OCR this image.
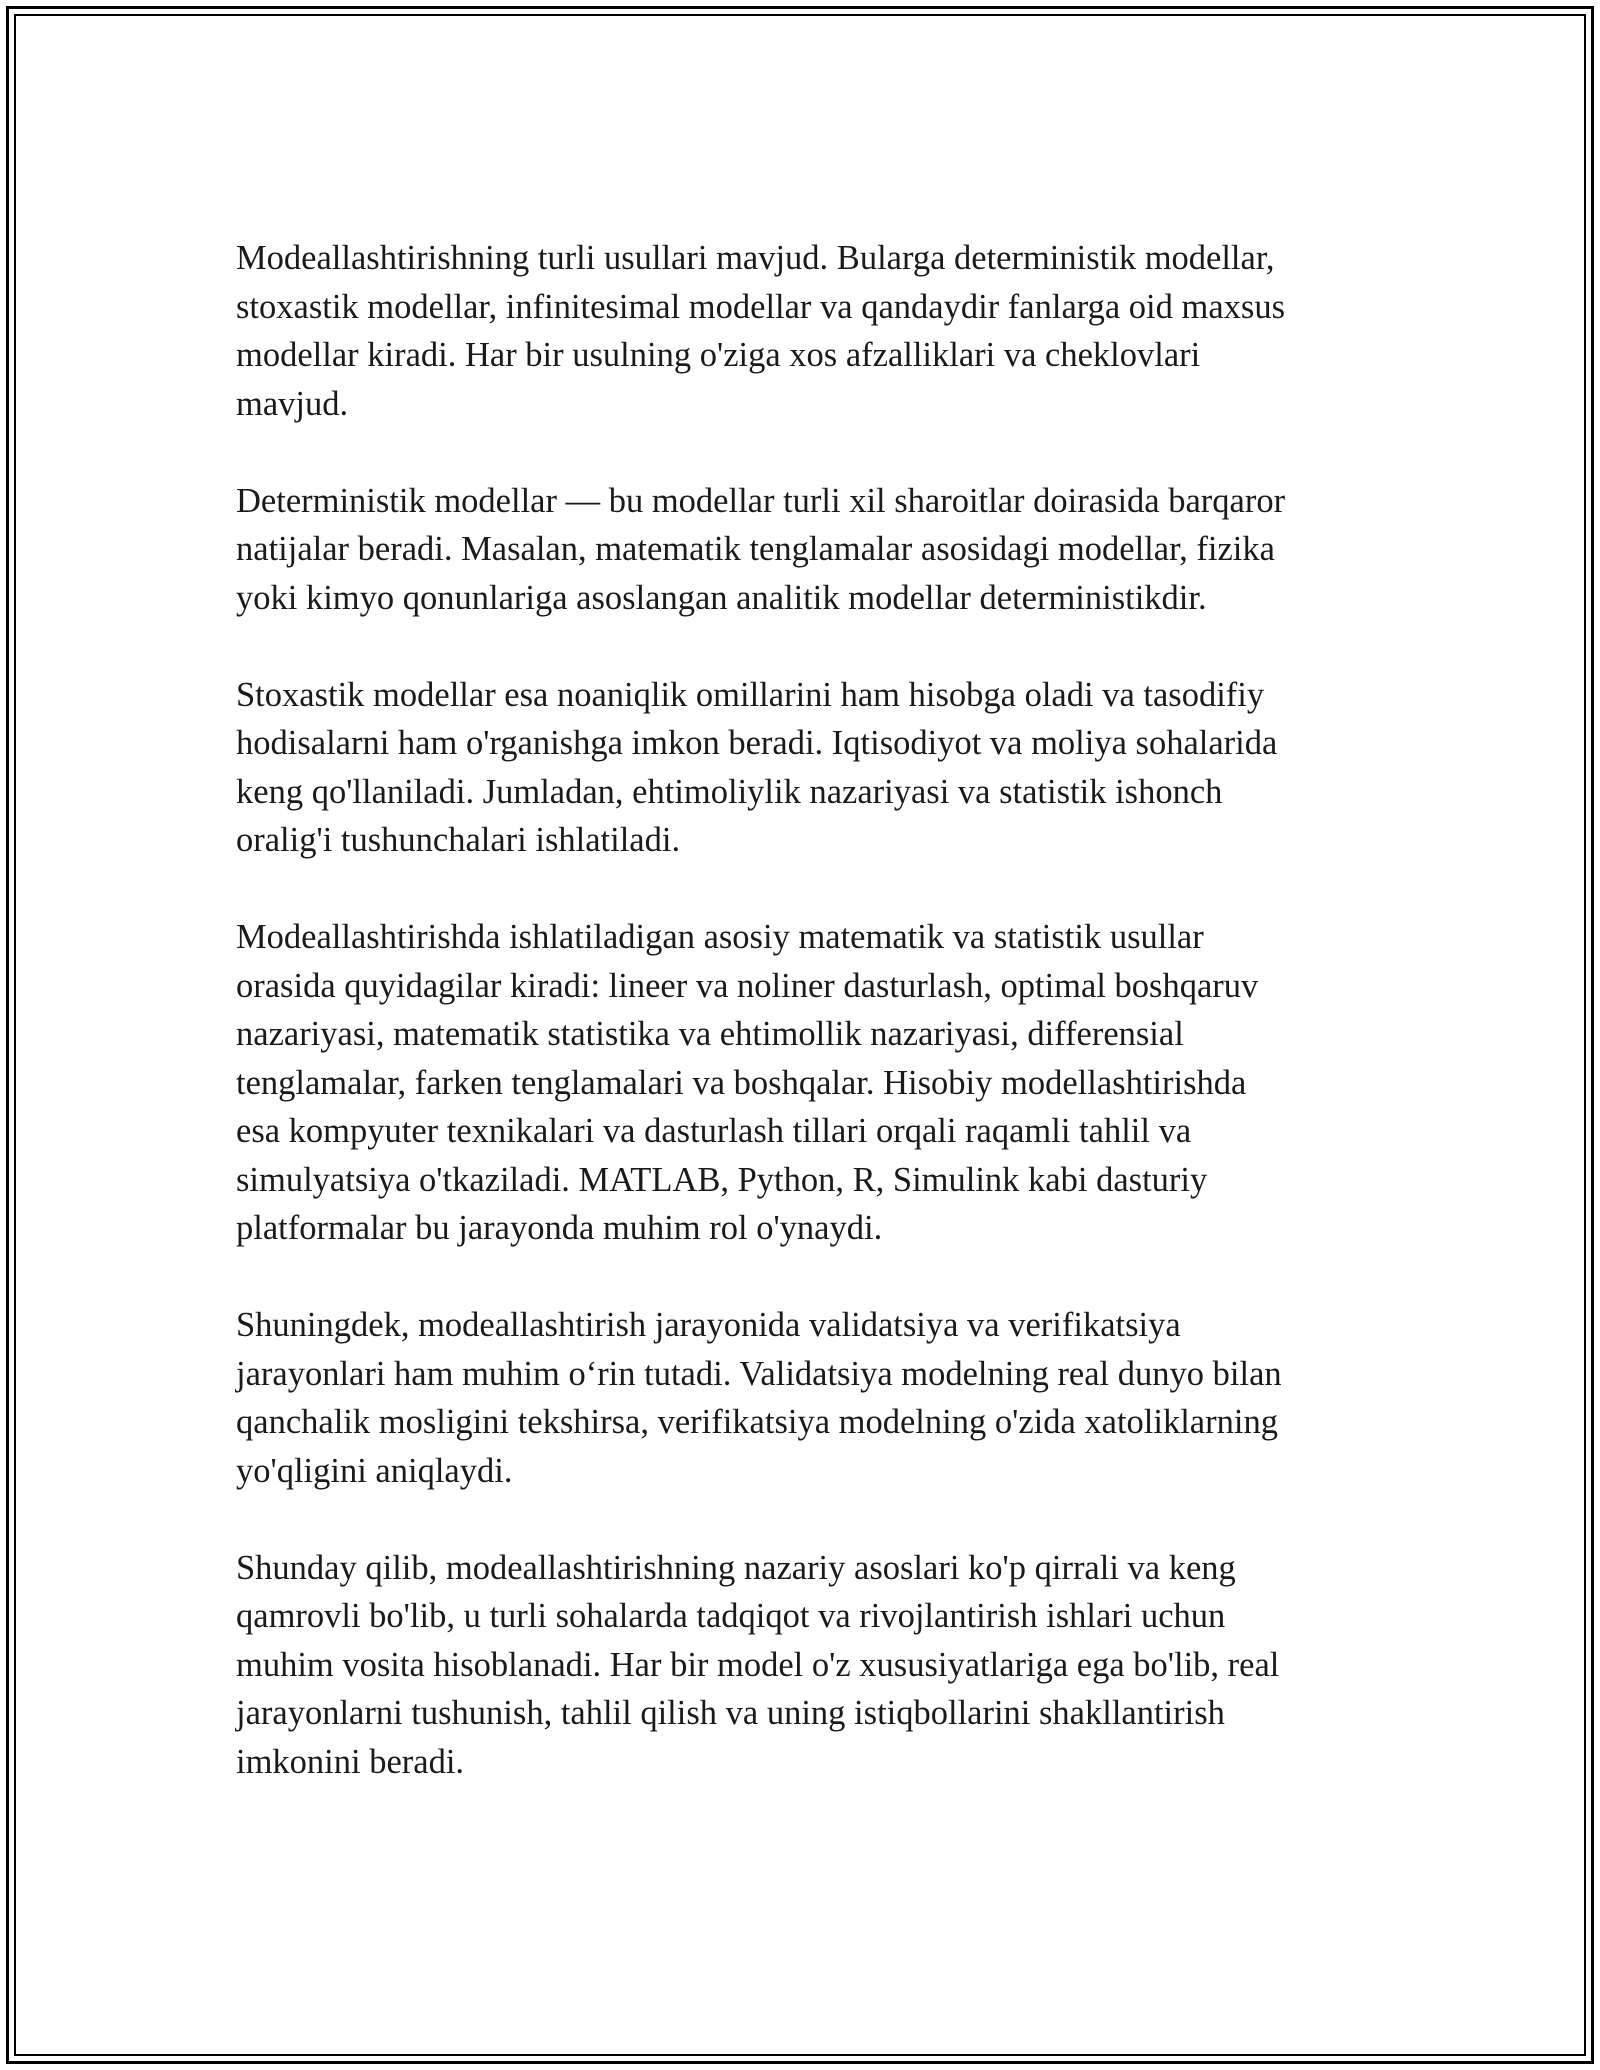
Modeallashtirishning turli usullari mavjud. Bularga deterministik modellar,
stoxastik modellar, infinitesimal modellar va qandaydir fanlarga oid maxsus
modellar kiradi. Har bir usulning o'ziga xos afzalliklari va cheklovlari
mavjud.

Deterministik modellar — bu modellar turli xil sharoitlar doirasida barqaror
natijalar beradi. Masalan, matematik tenglamalar asosidagi modellar, fizika
yoki kimyo qonunlariga asoslangan analitik modellar deterministikdir.

Stoxastik modellar esa noaniqlik omillarini ham hisobga oladi va tasodifiy
hodisalarni ham o'rganishga imkon beradi. Iqtisodiyot va moliya sohalarida
keng qo'llaniladi. Jumladan, ehtimoliylik nazariyasi va statistik ishonch
oralig'i tushunchalari ishlatiladi.

Modeallashtirishda ishlatiladigan asosiy matematik va statistik usullar
orasida quyidagilar kiradi: lineer va noliner dasturlash, optimal boshqaruv
nazariyasi, matematik statistika va ehtimollik nazariyasi, differensial
tenglamalar, farken tenglamalari va boshqalar. Hisobiy modellashtirishda
esa kompyuter texnikalari va dasturlash tillari orqali raqamli tahlil va
simulyatsiya o'tkaziladi. MATLAB, Python, R, Simulink kabi dasturiy
platformalar bu jarayonda muhim rol o'ynaydi.

Shuningdek, modeallashtirish jarayonida validatsiya va verifikatsiya
jarayonlari ham muhim o‘rin tutadi. Validatsiya modelning real dunyo bilan
qanchalik mosligini tekshirsa, verifikatsiya modelning o'zida xatoliklarning
yo'qligini aniqlaydi.

Shunday qilib, modeallashtirishning nazariy asoslari ko'p qirrali va keng
qamrovli bo'lib, u turli sohalarda tadqiqot va rivojlantirish ishlari uchun
muhim vosita hisoblanadi. Har bir model o'z xususiyatlariga ega bo'lib, real
jarayonlarni tushunish, tahlil qilish va uning istiqbollarini shakllantirish
imkonini beradi.
